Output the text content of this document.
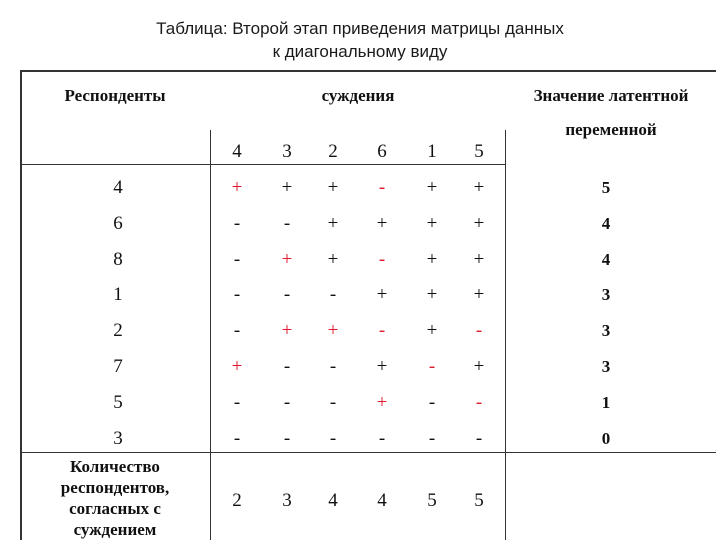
Таблица: Второй этап приведения матрицы данных
к диагональному виду
Респонденты	суждения	Значение латентной
переменной
4	3	2	6	1	5
4	+	+	+	-	+	+	5
6	-	-	+	+	+	+	4
8	-	+	+	-	+	+	4
1	-	-	-	+	+	+	3
2	-	+	+	-	+	-	3
7	+	-	-	+	-	+	3
5	-	-	-	+	-	-	1
3	-	-	-	-	-	-	0
Количество
респондентов,
согласных с
суждением
2	3	4	4	5	5
